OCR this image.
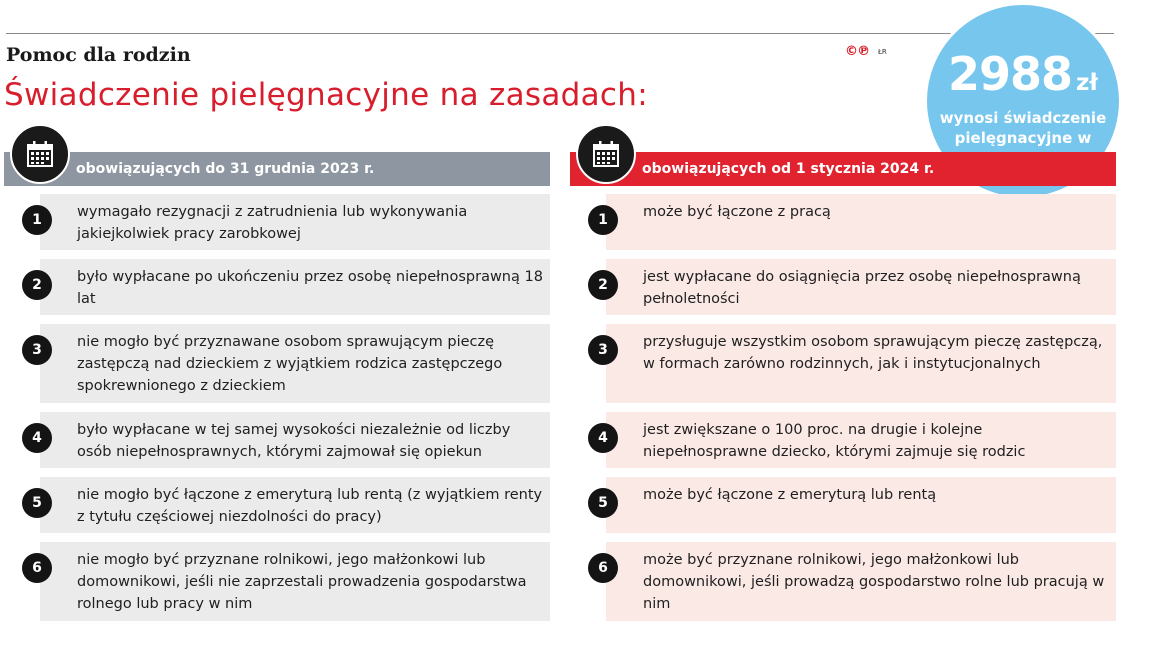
Pomoc dla rodzin
Świadczenie pielęgnacyjne na zasadach:
©℗ ŁR	2988 zł
wynosi świadczenie pielęgnacyjne w
obowiązujących do 31 grudnia 2023 r.
1	wymagało rezygnacji z zatrudnienia lub wykonywania jakiejkolwiek pracy zarobkowej
2	było wypłacane po ukończeniu przez osobę niepełnosprawną 18 lat
3	nie mogło być przyznawane osobom sprawującym pieczę zastępczą nad dzieckiem z wyjątkiem rodzica zastępczego spokrewnionego z dzieckiem
4	było wypłacane w tej samej wysokości niezależnie od liczby osób niepełnosprawnych, którymi zajmował się opiekun
5	nie mogło być łączone z emeryturą lub rentą (z wyjątkiem renty z tytułu częściowej niezdolności do pracy)
6	nie mogło być przyznane rolnikowi, jego małżonkowi lub domownikowi, jeśli nie zaprzestali prowadzenia gospodarstwa rolnego lub pracy w nim
obowiązujących od 1 stycznia 2024 r.
1	może być łączone z pracą
2	jest wypłacane do osiągnięcia przez osobę niepełnosprawną pełnoletności
3	przysługuje wszystkim osobom sprawującym pieczę zastępczą, w formach zarówno rodzinnych, jak i instytucjonalnych
4	jest zwiększane o 100 proc. na drugie i kolejne niepełnosprawne dziecko, którymi zajmuje się rodzic
5	może być łączone z emeryturą lub rentą
6	może być przyznane rolnikowi, jego małżonkowi lub domownikowi, jeśli prowadzą gospodarstwo rolne lub pracują w nim
